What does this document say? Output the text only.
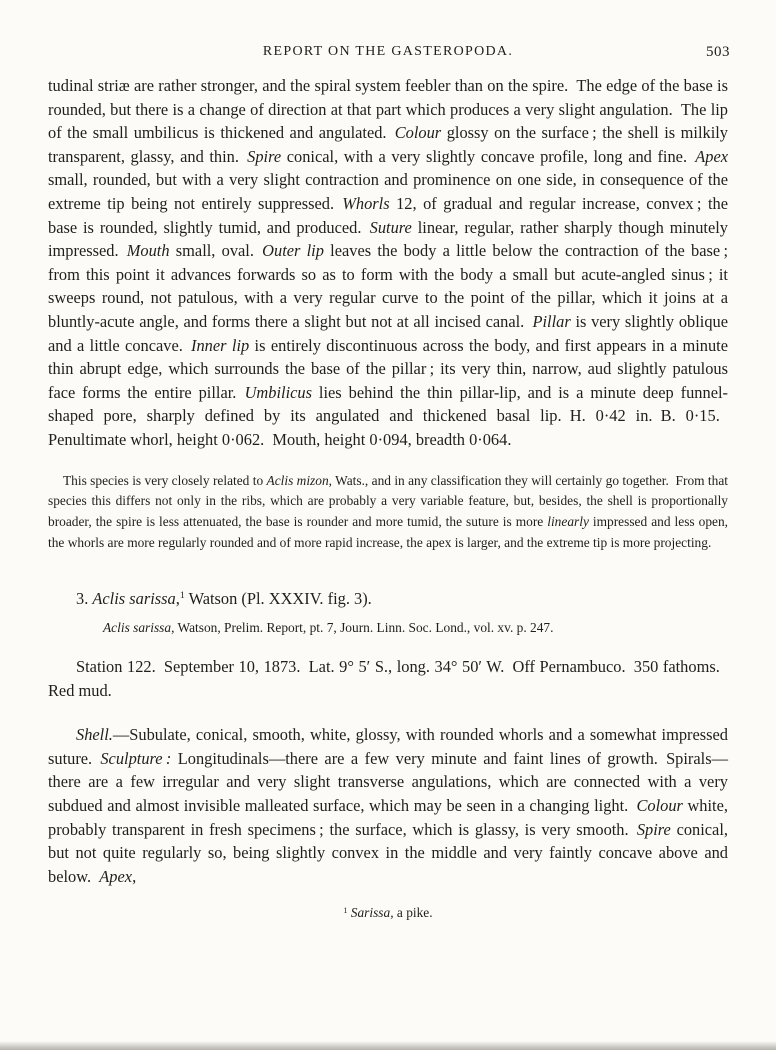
REPORT ON THE GASTEROPODA.	503

tudinal striæ are rather stronger, and the spiral system feebler than on the spire. The edge of the base is rounded, but there is a change of direction at that part which produces a very slight angulation. The lip of the small umbilicus is thickened and angulated. Colour glossy on the surface ; the shell is milkily transparent, glassy, and thin. Spire conical, with a very slightly concave profile, long and fine. Apex small, rounded, but with a very slight contraction and prominence on one side, in consequence of the extreme tip being not entirely suppressed. Whorls 12, of gradual and regular increase, convex ; the base is rounded, slightly tumid, and produced. Suture linear, regular, rather sharply though minutely impressed. Mouth small, oval. Outer lip leaves the body a little below the contraction of the base ; from this point it advances forwards so as to form with the body a small but acute-angled sinus ; it sweeps round, not patulous, with a very regular curve to the point of the pillar, which it joins at a bluntly-acute angle, and forms there a slight but not at all incised canal. Pillar is very slightly oblique and a little concave. Inner lip is entirely discontinuous across the body, and first appears in a minute thin abrupt edge, which surrounds the base of the pillar ; its very thin, narrow, aud slightly patulous face forms the entire pillar. Umbilicus lies behind the thin pillar-lip, and is a minute deep funnel-shaped pore, sharply defined by its angulated and thickened basal lip. H. 0·42 in. B. 0·15. Penultimate whorl, height 0·062. Mouth, height 0·094, breadth 0·064.

This species is very closely related to Aclis mizon, Wats., and in any classification they will certainly go together. From that species this differs not only in the ribs, which are probably a very variable feature, but, besides, the shell is proportionally broader, the spire is less attenuated, the base is rounder and more tumid, the suture is more linearly impressed and less open, the whorls are more regularly rounded and of more rapid increase, the apex is larger, and the extreme tip is more projecting.

3. Aclis sarissa,$^1$ Watson (Pl. XXXIV. fig. 3).

Aclis sarissa, Watson, Prelim. Report, pt. 7, Journ. Linn. Soc. Lond., vol. xv. p. 247.

Station 122. September 10, 1873. Lat. 9° 5′ S., long. 34° 50′ W. Off Pernambuco. 350 fathoms. Red mud.

Shell.—Subulate, conical, smooth, white, glossy, with rounded whorls and a somewhat impressed suture. Sculpture : Longitudinals—there are a few very minute and faint lines of growth. Spirals—there are a few irregular and very slight transverse angulations, which are connected with a very subdued and almost invisible malleated surface, which may be seen in a changing light. Colour white, probably transparent in fresh specimens ; the surface, which is glassy, is very smooth. Spire conical, but not quite regularly so, being slightly convex in the middle and very faintly concave above and below. Apex,

$^1$ Sarissa, a pike.
